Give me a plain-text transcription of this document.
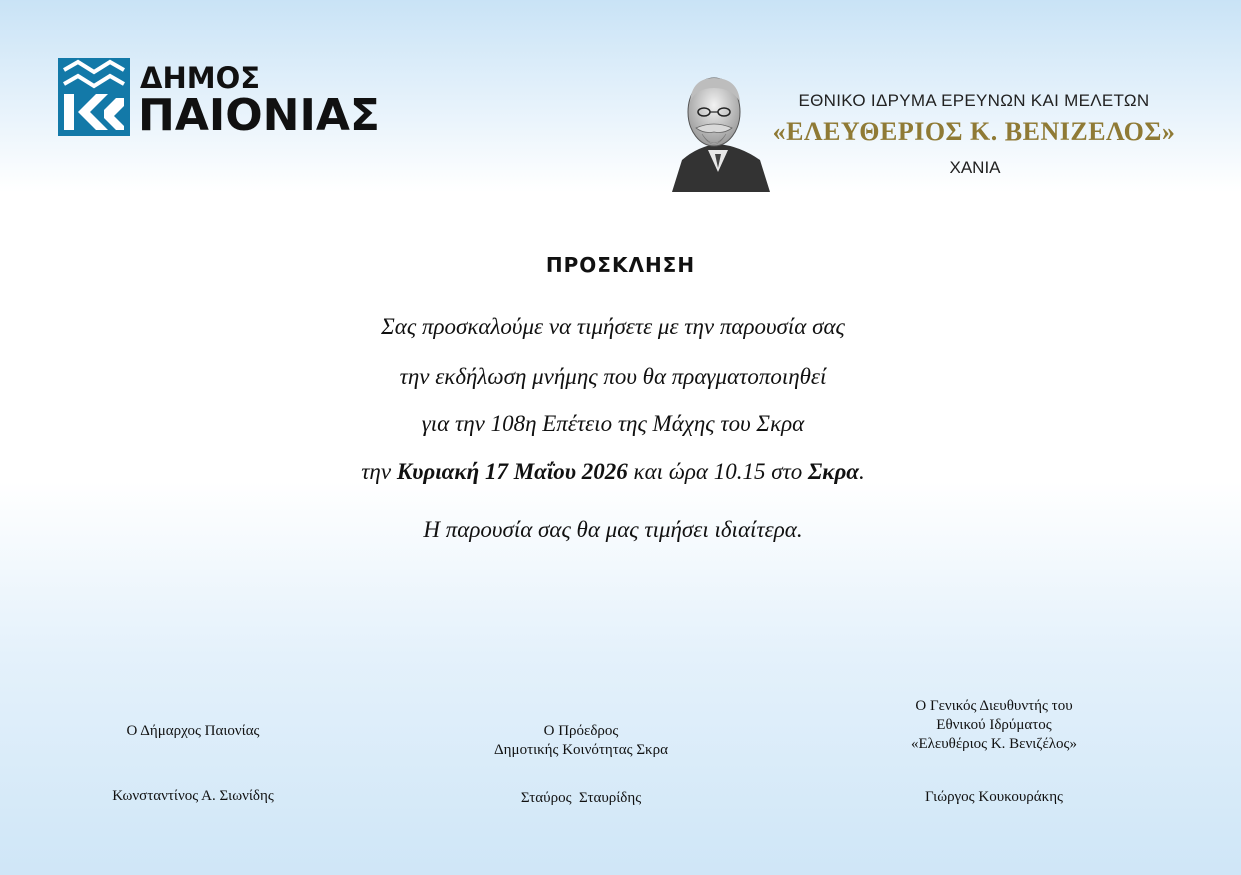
ΔΗΜΟΣ
ΠΑΙΟΝΙΑΣ	ΕΘΝΙΚΟ ΙΔΡΥΜΑ ΕΡΕΥΝΩΝ ΚΑΙ ΜΕΛΕΤΩΝ
«ΕΛΕΥΘΕΡΙΟΣ Κ. ΒΕΝΙΖΕΛΟΣ»
ΧΑΝΙΑ
ΠΡΟΣΚΛΗΣΗ
Σας προσκαλούμε να τιμήσετε με την παρουσία σας
την εκδήλωση μνήμης που θα πραγματοποιηθεί
για την 108η Επέτειο της Μάχης του Σκρα
την Κυριακή 17 Μαΐου 2026 και ώρα 10.15 στο Σκρα.
Η παρουσία σας θα μας τιμήσει ιδιαίτερα.
Ο Δήμαρχος Παιονίας
Κωνσταντίνος Α. Σιωνίδης
Ο Πρόεδρος
Δημοτικής Κοινότητας Σκρα
Σταύρος  Σταυρίδης
Ο Γενικός Διευθυντής του
Εθνικού Ιδρύματος
«Ελευθέριος Κ. Βενιζέλος»
Γιώργος Κουκουράκης
